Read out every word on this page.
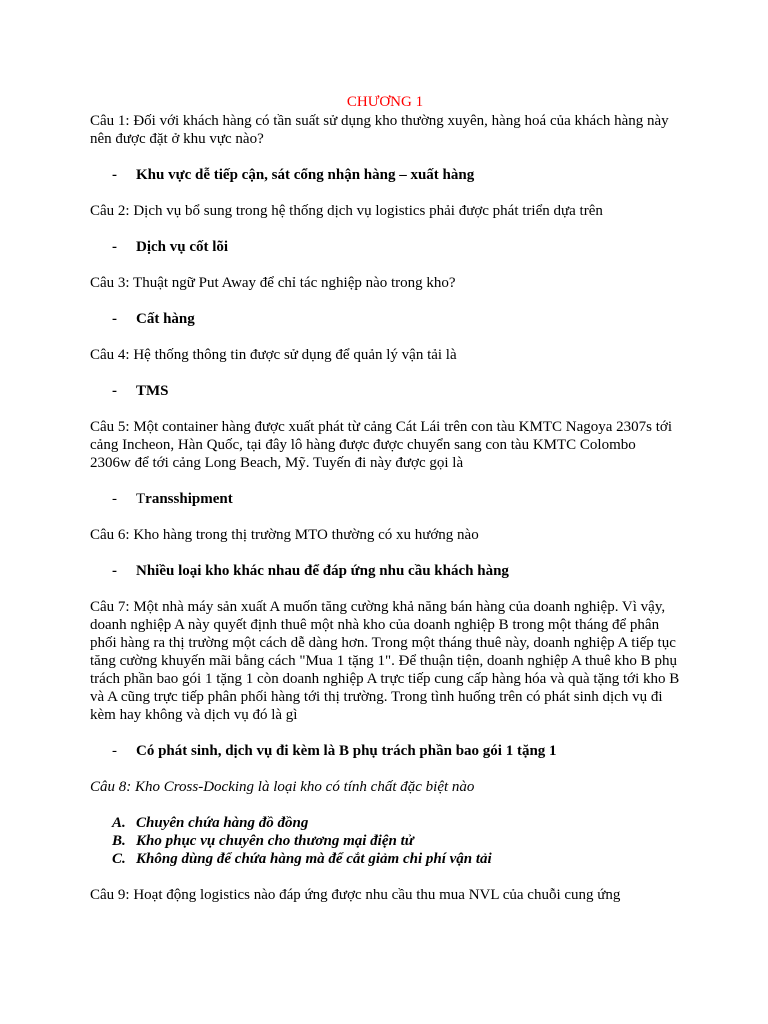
CHƯƠNG 1

Câu 1: Đối với khách hàng có tần suất sử dụng kho thường xuyên, hàng hoá của khách hàng này nên được đặt ở khu vực nào?

- Khu vực dễ tiếp cận, sát cổng nhận hàng – xuất hàng

Câu 2: Dịch vụ bổ sung trong hệ thống dịch vụ logistics phải được phát triển dựa trên

- Dịch vụ cốt lõi

Câu 3: Thuật ngữ Put Away để chỉ tác nghiệp nào trong kho?

- Cất hàng

Câu 4: Hệ thống thông tin được sử dụng để quản lý vận tải là

- TMS

Câu 5: Một container hàng được xuất phát từ cảng Cát Lái trên con tàu KMTC Nagoya 2307s tới cảng Incheon, Hàn Quốc, tại đây lô hàng được được chuyển sang con tàu KMTC Colombo 2306w để tới cảng Long Beach, Mỹ. Tuyến đi này được gọi là

- Transshipment

Câu 6: Kho hàng trong thị trường MTO thường có xu hướng nào

- Nhiều loại kho khác nhau để đáp ứng nhu cầu khách hàng

Câu 7: Một nhà máy sản xuất A muốn tăng cường khả năng bán hàng của doanh nghiệp. Vì vậy, doanh nghiệp A này quyết định thuê một nhà kho của doanh nghiệp B trong một tháng để phân phối hàng ra thị trường một cách dễ dàng hơn. Trong một tháng thuê này, doanh nghiệp A tiếp tục tăng cường khuyến mãi bằng cách "Mua 1 tặng 1". Để thuận tiện, doanh nghiệp A thuê kho B phụ trách phần bao gói 1 tặng 1 còn doanh nghiệp A trực tiếp cung cấp hàng hóa và quà tặng tới kho B và A cũng trực tiếp phân phối hàng tới thị trường. Trong tình huống trên có phát sinh dịch vụ đi kèm hay không và dịch vụ đó là gì

- Có phát sinh, dịch vụ đi kèm là B phụ trách phần bao gói 1 tặng 1

Câu 8: Kho Cross-Docking là loại kho có tính chất đặc biệt nào

A. Chuyên chứa hàng đồ đồng

B. Kho phục vụ chuyên cho thương mại điện tử

C. Không dùng để chứa hàng mà để cắt giảm chi phí vận tải

Câu 9: Hoạt động logistics nào đáp ứng được nhu cầu thu mua NVL của chuỗi cung ứng
